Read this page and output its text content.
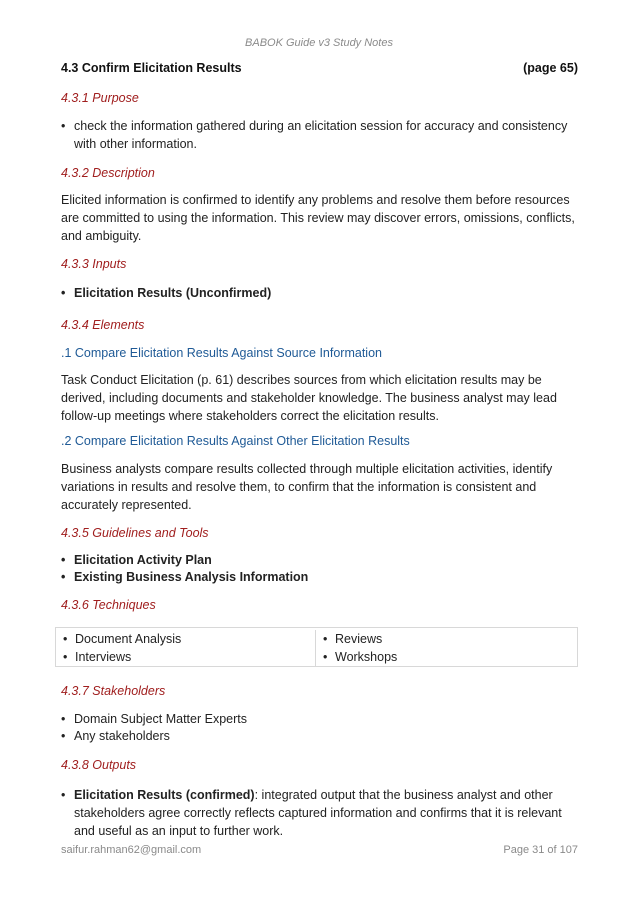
BABOK Guide v3 Study Notes
4.3 Confirm Elicitation Results	(page 65)
4.3.1 Purpose
• check the information gathered during an elicitation session for accuracy and consistency with other information.
4.3.2 Description
Elicited information is confirmed to identify any problems and resolve them before resources are committed to using the information. This review may discover errors, omissions, conflicts, and ambiguity.
4.3.3 Inputs
• Elicitation Results (Unconfirmed)
4.3.4 Elements
.1 Compare Elicitation Results Against Source Information
Task Conduct Elicitation (p. 61) describes sources from which elicitation results may be derived, including documents and stakeholder knowledge. The business analyst may lead follow-up meetings where stakeholders correct the elicitation results.
.2 Compare Elicitation Results Against Other Elicitation Results
Business analysts compare results collected through multiple elicitation activities, identify variations in results and resolve them, to confirm that the information is consistent and accurately represented.
4.3.5 Guidelines and Tools
• Elicitation Activity Plan
• Existing Business Analysis Information
4.3.6 Techniques
• Document Analysis
• Interviews
• Reviews
• Workshops
4.3.7 Stakeholders
• Domain Subject Matter Experts
• Any stakeholders
4.3.8 Outputs
• Elicitation Results (confirmed): integrated output that the business analyst and other stakeholders agree correctly reflects captured information and confirms that it is relevant and useful as an input to further work.
saifur.rahman62@gmail.com	Page 31 of 107
